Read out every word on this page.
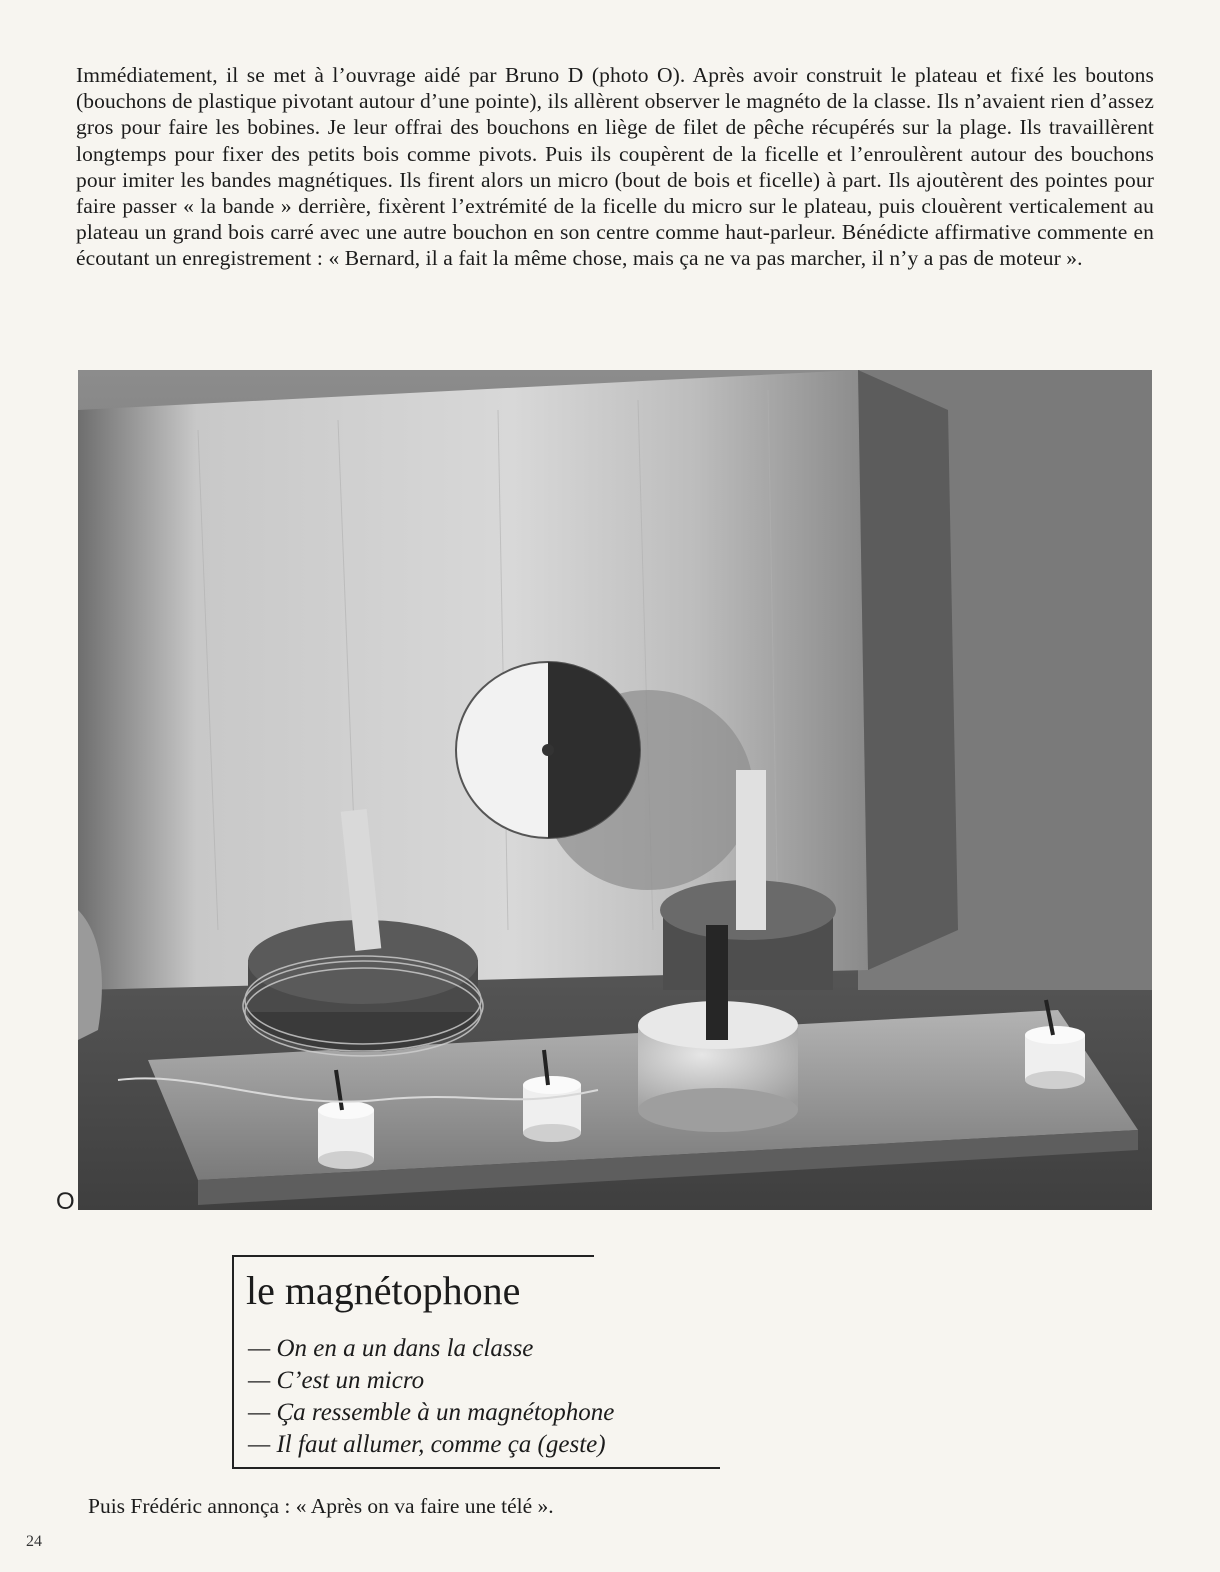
Immédiatement, il se met à l’ouvrage aidé par Bruno D (photo O). Après avoir construit le plateau et fixé les boutons (bouchons de plastique pivotant autour d’une pointe), ils allèrent observer le magnéto de la classe. Ils n’avaient rien d’assez gros pour faire les bobines. Je leur offrai des bouchons en liège de filet de pêche récupérés sur la plage. Ils travaillèrent longtemps pour fixer des petits bois comme pivots. Puis ils coupèrent de la ficelle et l’enroulèrent autour des bouchons pour imiter les bandes magnétiques. Ils firent alors un micro (bout de bois et ficelle) à part. Ils ajoutèrent des pointes pour faire passer « la bande » derrière, fixèrent l’extrémité de la ficelle du micro sur le plateau, puis clouèrent verticalement au plateau un grand bois carré avec une autre bouchon en son centre comme haut-parleur. Bénédicte affirmative commente en écoutant un enregistrement : « Bernard, il a fait la même chose, mais ça ne va pas marcher, il n’y a pas de moteur ».

O
le magnétophone
— On en a un dans la classe
— C’est un micro
— Ça ressemble à un magnétophone
— Il faut allumer, comme ça (geste)

Puis Frédéric annonça : « Après on va faire une télé ».

24
